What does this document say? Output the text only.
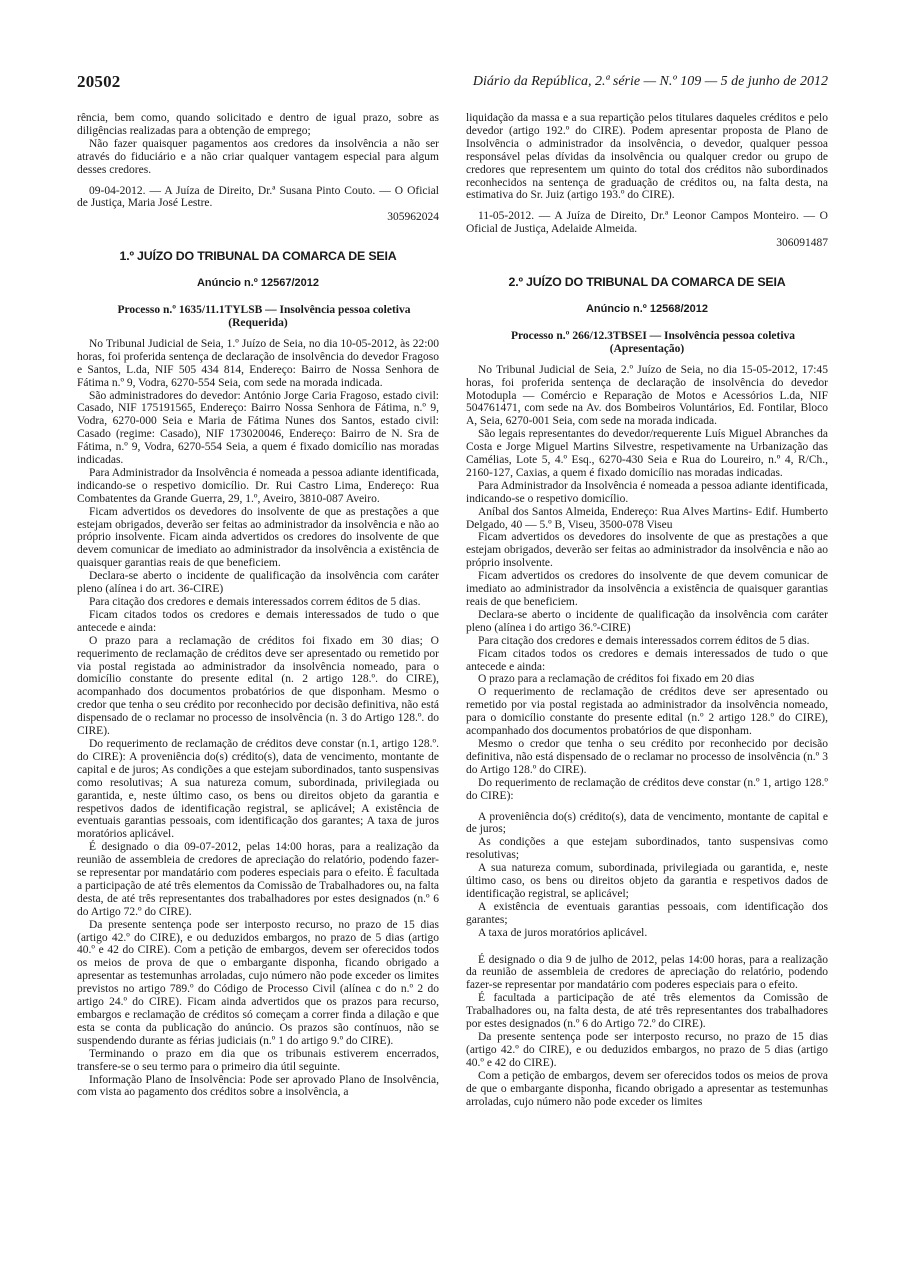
20502	Diário da República, 2.ª série — N.º 109 — 5 de junho de 2012

rência, bem como, quando solicitado e dentro de igual prazo, sobre as diligências realizadas para a obtenção de emprego;

Não fazer quaisquer pagamentos aos credores da insolvência a não ser através do fiduciário e a não criar qualquer vantagem especial para algum desses credores.

09-04-2012. — A Juíza de Direito, Dr.ª Susana Pinto Couto. — O Oficial de Justiça, Maria José Lestre.

305962024
1.º JUÍZO DO TRIBUNAL DA COMARCA DE SEIA
Anúncio n.º 12567/2012

Processo n.º 1635/11.1TYLSB — Insolvência pessoa coletiva (Requerida)

No Tribunal Judicial de Seia, 1.º Juízo de Seia, no dia 10-05-2012, às 22:00 horas, foi proferida sentença de declaração de insolvência do devedor Fragoso e Santos, L.da, NIF 505 434 814, Endereço: Bairro de Nossa Senhora de Fátima n.º 9, Vodra, 6270-554 Seia, com sede na morada indicada.

São administradores do devedor: António Jorge Caria Fragoso, estado civil: Casado, NIF 175191565, Endereço: Bairro Nossa Senhora de Fátima, n.º 9, Vodra, 6270-000 Seia e Maria de Fátima Nunes dos Santos, estado civil: Casado (regime: Casado), NIF 173020046, Endereço: Bairro de N. Sra de Fátima, n.º 9, Vodra, 6270-554 Seia, a quem é fixado domicílio nas moradas indicadas.

Para Administrador da Insolvência é nomeada a pessoa adiante identificada, indicando-se o respetivo domicílio. Dr. Rui Castro Lima, Endereço: Rua Combatentes da Grande Guerra, 29, 1.º, Aveiro, 3810-087 Aveiro.

Ficam advertidos os devedores do insolvente de que as prestações a que estejam obrigados, deverão ser feitas ao administrador da insolvência e não ao próprio insolvente. Ficam ainda advertidos os credores do insolvente de que devem comunicar de imediato ao administrador da insolvência a existência de quaisquer garantias reais de que beneficiem.

Declara-se aberto o incidente de qualificação da insolvência com caráter pleno (alínea i do art. 36-CIRE)

Para citação dos credores e demais interessados correm éditos de 5 dias.

Ficam citados todos os credores e demais interessados de tudo o que antecede e ainda:

O prazo para a reclamação de créditos foi fixado em 30 dias; O requerimento de reclamação de créditos deve ser apresentado ou remetido por via postal registada ao administrador da insolvência nomeado, para o domicílio constante do presente edital (n. 2 artigo 128.º. do CIRE), acompanhado dos documentos probatórios de que disponham. Mesmo o credor que tenha o seu crédito por reconhecido por decisão definitiva, não está dispensado de o reclamar no processo de insolvência (n. 3 do Artigo 128.º. do CIRE).

Do requerimento de reclamação de créditos deve constar (n.1, artigo 128.º. do CIRE): A proveniência do(s) crédito(s), data de vencimento, montante de capital e de juros; As condições a que estejam subordinados, tanto suspensivas como resolutivas; A sua natureza comum, subordinada, privilegiada ou garantida, e, neste último caso, os bens ou direitos objeto da garantia e respetivos dados de identificação registral, se aplicável; A existência de eventuais garantias pessoais, com identificação dos garantes; A taxa de juros moratórios aplicável.

É designado o dia 09-07-2012, pelas 14:00 horas, para a realização da reunião de assembleia de credores de apreciação do relatório, podendo fazer-se representar por mandatário com poderes especiais para o efeito. É facultada a participação de até três elementos da Comissão de Trabalhadores ou, na falta desta, de até três representantes dos trabalhadores por estes designados (n.º 6 do Artigo 72.º do CIRE).

Da presente sentença pode ser interposto recurso, no prazo de 15 dias (artigo 42.º do CIRE), e ou deduzidos embargos, no prazo de 5 dias (artigo 40.º e 42 do CIRE). Com a petição de embargos, devem ser oferecidos todos os meios de prova de que o embargante disponha, ficando obrigado a apresentar as testemunhas arroladas, cujo número não pode exceder os limites previstos no artigo 789.º do Código de Processo Civil (alínea c do n.º 2 do artigo 24.º do CIRE). Ficam ainda advertidos que os prazos para recurso, embargos e reclamação de créditos só começam a correr finda a dilação e que esta se conta da publicação do anúncio. Os prazos são contínuos, não se suspendendo durante as férias judiciais (n.º 1 do artigo 9.º do CIRE).

Terminando o prazo em dia que os tribunais estiverem encerrados, transfere-se o seu termo para o primeiro dia útil seguinte.

Informação Plano de Insolvência: Pode ser aprovado Plano de Insolvência, com vista ao pagamento dos créditos sobre a insolvência, a

liquidação da massa e a sua repartição pelos titulares daqueles créditos e pelo devedor (artigo 192.º do CIRE). Podem apresentar proposta de Plano de Insolvência o administrador da insolvência, o devedor, qualquer pessoa responsável pelas dívidas da insolvência ou qualquer credor ou grupo de credores que representem um quinto do total dos créditos não subordinados reconhecidos na sentença de graduação de créditos ou, na falta desta, na estimativa do Sr. Juiz (artigo 193.º do CIRE).

11-05-2012. — A Juíza de Direito, Dr.ª Leonor Campos Monteiro. — O Oficial de Justiça, Adelaide Almeida.

306091487
2.º JUÍZO DO TRIBUNAL DA COMARCA DE SEIA
Anúncio n.º 12568/2012

Processo n.º 266/12.3TBSEI — Insolvência pessoa coletiva (Apresentação)

No Tribunal Judicial de Seia, 2.º Juízo de Seia, no dia 15-05-2012, 17:45 horas, foi proferida sentença de declaração de insolvência do devedor Motodupla — Comércio e Reparação de Motos e Acessórios L.da, NIF 504761471, com sede na Av. dos Bombeiros Voluntários, Ed. Fontilar, Bloco A, Seia, 6270-001 Seia, com sede na morada indicada.

São legais representantes do devedor/requerente Luís Miguel Abranches da Costa e Jorge Miguel Martins Silvestre, respetivamente na Urbanização das Camélias, Lote 5, 4.º Esq., 6270-430 Seia e Rua do Loureiro, n.º 4, R/Ch., 2160-127, Caxias, a quem é fixado domicílio nas moradas indicadas.

Para Administrador da Insolvência é nomeada a pessoa adiante identificada, indicando-se o respetivo domicílio.

Aníbal dos Santos Almeida, Endereço: Rua Alves Martins- Edif. Humberto Delgado, 40 — 5.º B, Viseu, 3500-078 Viseu

Ficam advertidos os devedores do insolvente de que as prestações a que estejam obrigados, deverão ser feitas ao administrador da insolvência e não ao próprio insolvente.

Ficam advertidos os credores do insolvente de que devem comunicar de imediato ao administrador da insolvência a existência de quaisquer garantias reais de que beneficiem.

Declara-se aberto o incidente de qualificação da insolvência com caráter pleno (alínea i do artigo 36.º-CIRE)

Para citação dos credores e demais interessados correm éditos de 5 dias.

Ficam citados todos os credores e demais interessados de tudo o que antecede e ainda:

O prazo para a reclamação de créditos foi fixado em 20 dias

O requerimento de reclamação de créditos deve ser apresentado ou remetido por via postal registada ao administrador da insolvência nomeado, para o domicílio constante do presente edital (n.º 2 artigo 128.º do CIRE), acompanhado dos documentos probatórios de que disponham.

Mesmo o credor que tenha o seu crédito por reconhecido por decisão definitiva, não está dispensado de o reclamar no processo de insolvência (n.º 3 do Artigo 128.º do CIRE).

Do requerimento de reclamação de créditos deve constar (n.º 1, artigo 128.º do CIRE):

A proveniência do(s) crédito(s), data de vencimento, montante de capital e de juros;

As condições a que estejam subordinados, tanto suspensivas como resolutivas;

A sua natureza comum, subordinada, privilegiada ou garantida, e, neste último caso, os bens ou direitos objeto da garantia e respetivos dados de identificação registral, se aplicável;

A existência de eventuais garantias pessoais, com identificação dos garantes;

A taxa de juros moratórios aplicável.

É designado o dia 9 de julho de 2012, pelas 14:00 horas, para a realização da reunião de assembleia de credores de apreciação do relatório, podendo fazer-se representar por mandatário com poderes especiais para o efeito.

É facultada a participação de até três elementos da Comissão de Trabalhadores ou, na falta desta, de até três representantes dos trabalhadores por estes designados (n.º 6 do Artigo 72.º do CIRE).

Da presente sentença pode ser interposto recurso, no prazo de 15 dias (artigo 42.º do CIRE), e ou deduzidos embargos, no prazo de 5 dias (artigo 40.º e 42 do CIRE).

Com a petição de embargos, devem ser oferecidos todos os meios de prova de que o embargante disponha, ficando obrigado a apresentar as testemunhas arroladas, cujo número não pode exceder os limites
